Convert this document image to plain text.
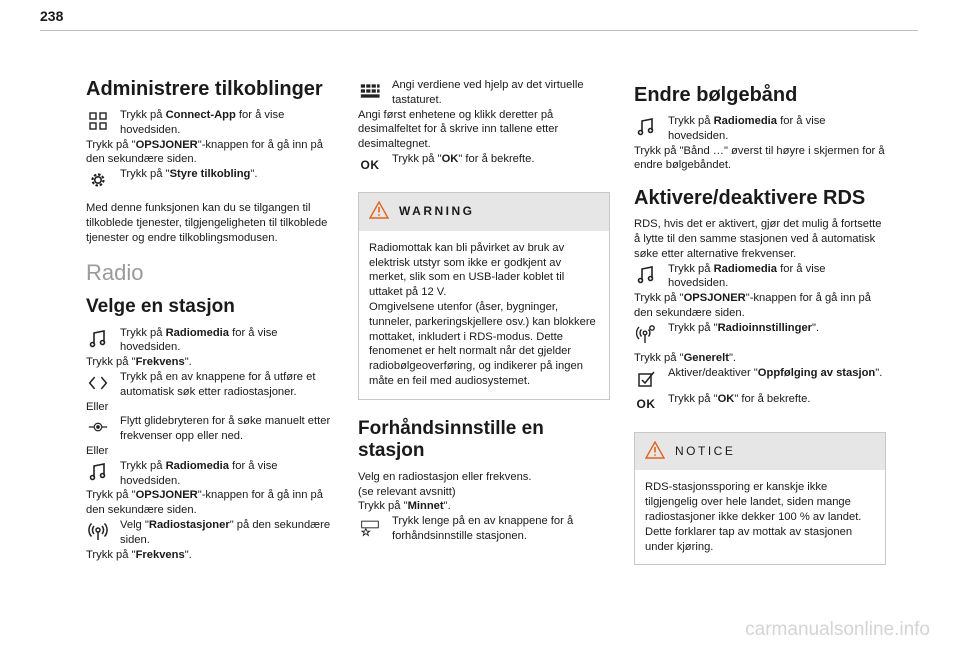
238
Administrere tilkoblinger

Trykk på Connect-App for å vise hovedsiden.

Trykk på "OPSJONER"-knappen for å gå inn på den sekundære siden.

Trykk på "Styre tilkobling".

Med denne funksjonen kan du se tilgangen til tilkoblede tjenester, tilgjengeligheten til tilkoblede tjenester og endre tilkoblingsmodusen.

Radio
Velge en stasjon

Trykk på Radiomedia for å vise hovedsiden.

Trykk på "Frekvens".

Trykk på en av knappene for å utføre et automatisk søk etter radiostasjoner.

Eller

Flytt glidebryteren for å søke manuelt etter frekvenser opp eller ned.

Eller

Trykk på Radiomedia for å vise hovedsiden.

Trykk på "OPSJONER"-knappen for å gå inn på den sekundære siden.

Velg "Radiostasjoner" på den sekundære siden.

Trykk på "Frekvens".

Angi verdiene ved hjelp av det virtuelle tastaturet.

Angi først enhetene og klikk deretter på desimalfeltet for å skrive inn tallene etter desimaltegnet.

OK Trykk på "OK" for å bekrefte.

WARNING
Radiomottak kan bli påvirket av bruk av elektrisk utstyr som ikke er godkjent av merket, slik som en USB-lader koblet til uttaket på 12 V.
Omgivelsene utenfor (åser, bygninger, tunneler, parkeringskjellere osv.) kan blokkere mottaket, inkludert i RDS-modus. Dette fenomenet er helt normalt når det gjelder radiobølgeoverføring, og indikerer på ingen måte en feil med audiosystemet.
Forhåndsinnstille en stasjon

Velg en radiostasjon eller frekvens.

(se relevant avsnitt)

Trykk på "Minnet".

Trykk lenge på en av knappene for å forhåndsinnstille stasjonen.

Endre bølgebånd

Trykk på Radiomedia for å vise hovedsiden.

Trykk på "Bånd …" øverst til høyre i skjermen for å endre bølgebåndet.

Aktivere/deaktivere RDS

RDS, hvis det er aktivert, gjør det mulig å fortsette å lytte til den samme stasjonen ved å automatisk søke etter alternative frekvenser.

Trykk på Radiomedia for å vise hovedsiden.

Trykk på "OPSJONER"-knappen for å gå inn på den sekundære siden.

Trykk på "Radioinnstillinger".

Trykk på "Generelt".

Aktiver/deaktiver "Oppfølging av stasjon".

OK Trykk på "OK" for å bekrefte.

NOTICE
RDS-stasjonssporing er kanskje ikke tilgjengelig over hele landet, siden mange radiostasjoner ikke dekker 100 % av landet. Dette forklarer tap av mottak av stasjonen under kjøring.
carmanualsonline.info
